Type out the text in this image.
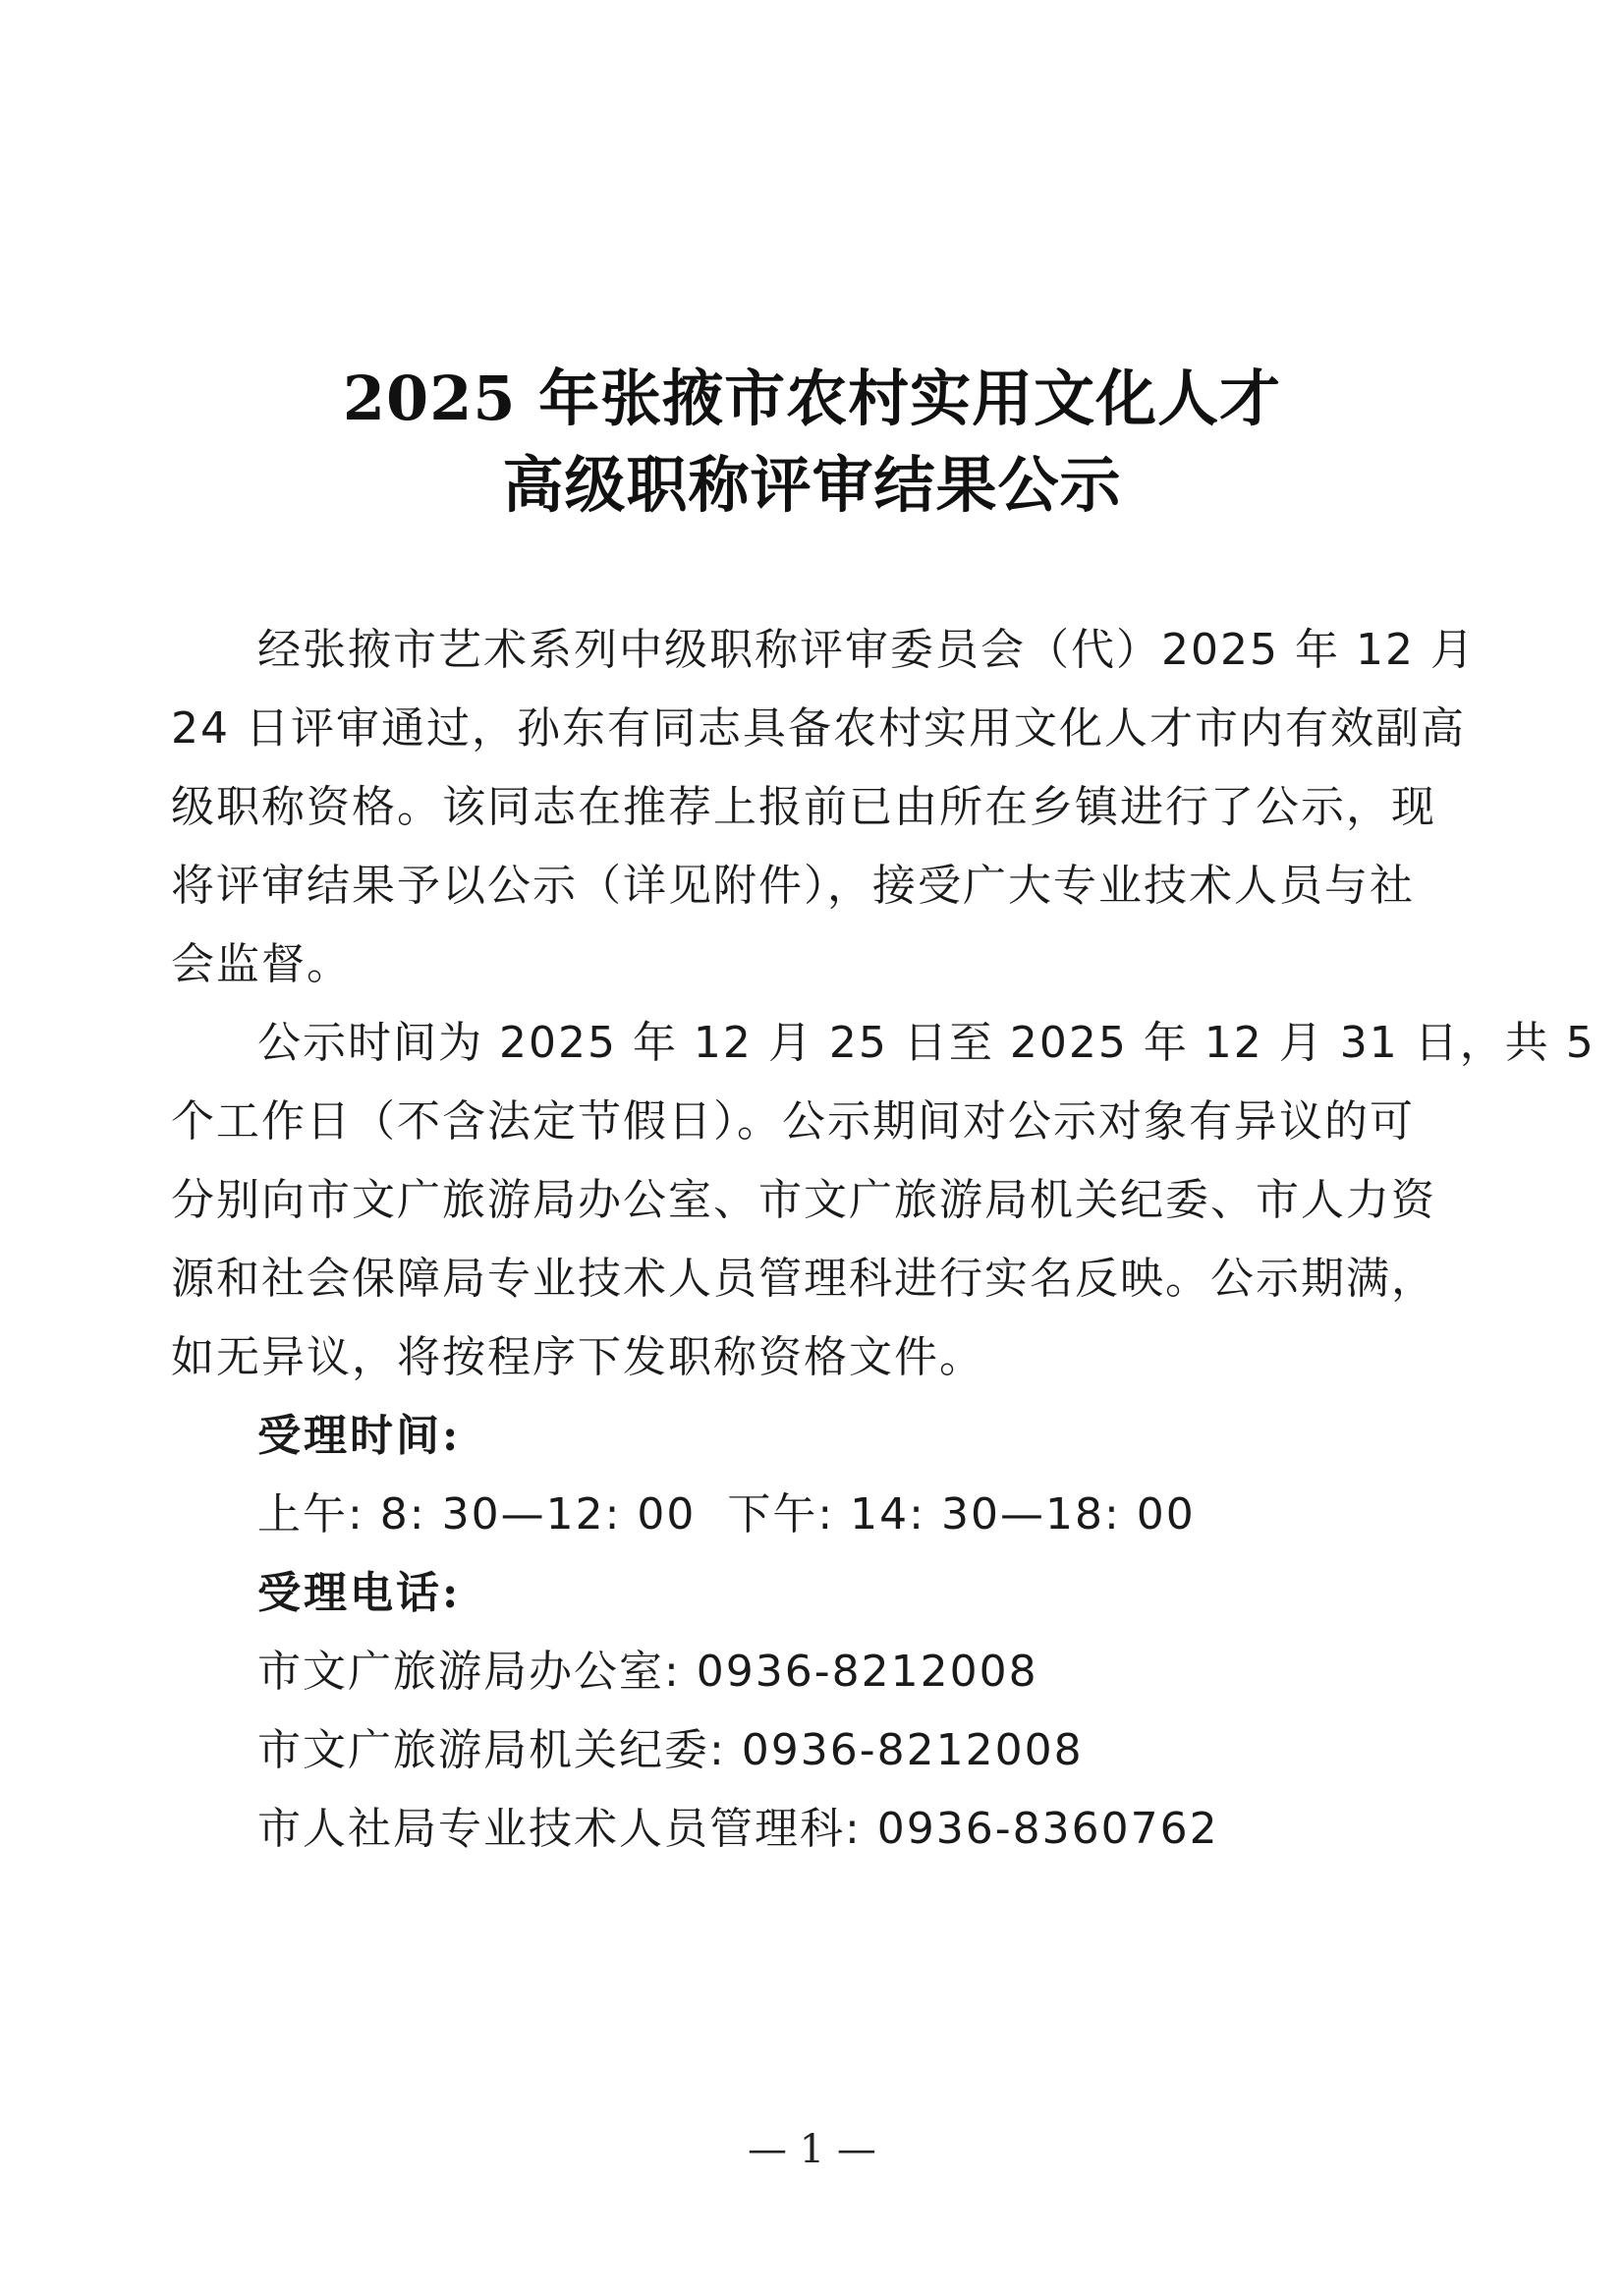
2025 年张掖市农村实用文化人才
高级职称评审结果公示
经张掖市艺术系列中级职称评审委员会（代）2025 年 12 月
24 日评审通过，孙东有同志具备农村实用文化人才市内有效副高
级职称资格。该同志在推荐上报前已由所在乡镇进行了公示，现
将评审结果予以公示（详见附件），接受广大专业技术人员与社
会监督。
公示时间为 2025 年 12 月 25 日至 2025 年 12 月 31 日，共 5
个工作日（不含法定节假日）。公示期间对公示对象有异议的可
分别向市文广旅游局办公室、市文广旅游局机关纪委、市人力资
源和社会保障局专业技术人员管理科进行实名反映。公示期满，
如无异议，将按程序下发职称资格文件。
受理时间:
上午: 8: 30—12: 00  下午: 14: 30—18: 00
受理电话:
市文广旅游局办公室: 0936-8212008
市文广旅游局机关纪委: 0936-8212008
市人社局专业技术人员管理科: 0936-8360762
— 1 —
